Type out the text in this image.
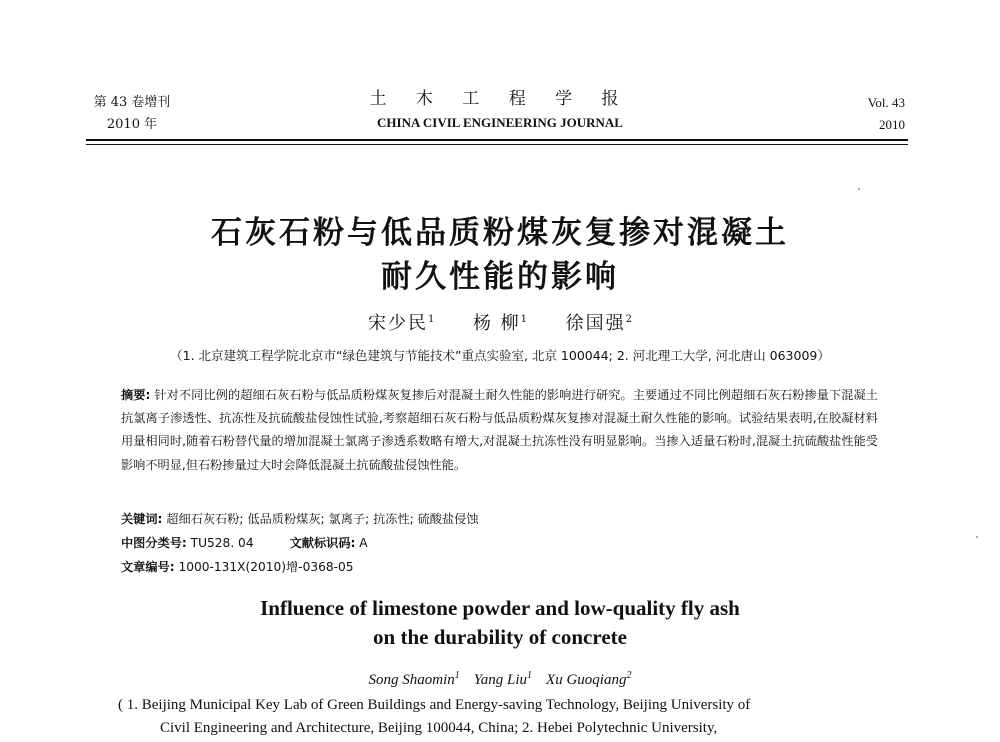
第 43 卷增刊
2010 年
土 木 工 程 学 报
CHINA CIVIL ENGINEERING JOURNAL
Vol. 43
2010
石灰石粉与低品质粉煤灰复掺对混凝土
耐久性能的影响
宋少民$^1$ 杨 柳$^1$ 徐国强$^2$
（1. 北京建筑工程学院北京市“绿色建筑与节能技术”重点实验室, 北京 100044; 2. 河北理工大学, 河北唐山 063009）
摘要: 针对不同比例的超细石灰石粉与低品质粉煤灰复掺后对混凝土耐久性能的影响进行研究。主要通过不同比例超细石灰石粉掺量下混凝土抗氯离子渗透性、抗冻性及抗硫酸盐侵蚀性试验,考察超细石灰石粉与低品质粉煤灰复掺对混凝土耐久性能的影响。试验结果表明,在胶凝材料用量相同时,随着石粉替代量的增加混凝土氯离子渗透系数略有增大,对混凝土抗冻性没有明显影响。当掺入适量石粉时,混凝土抗硫酸盐性能受影响不明显,但石粉掺量过大时会降低混凝土抗硫酸盐侵蚀性能。
关键词: 超细石灰石粉; 低品质粉煤灰; 氯离子; 抗冻性; 硫酸盐侵蚀
中图分类号: TU528. 04	文献标识码: A
文章编号: 1000-131X(2010)增-0368-05
Influence of limestone powder and low-quality fly ash
on the durability of concrete
Song Shaomin$^1$ Yang Liu$^1$ Xu Guoqiang$^2$
( 1. Beijing Municipal Key Lab of Green Buildings and Energy-saving Technology, Beijing University of
Civil Engineering and Architecture, Beijing 100044, China; 2. Hebei Polytechnic University,
